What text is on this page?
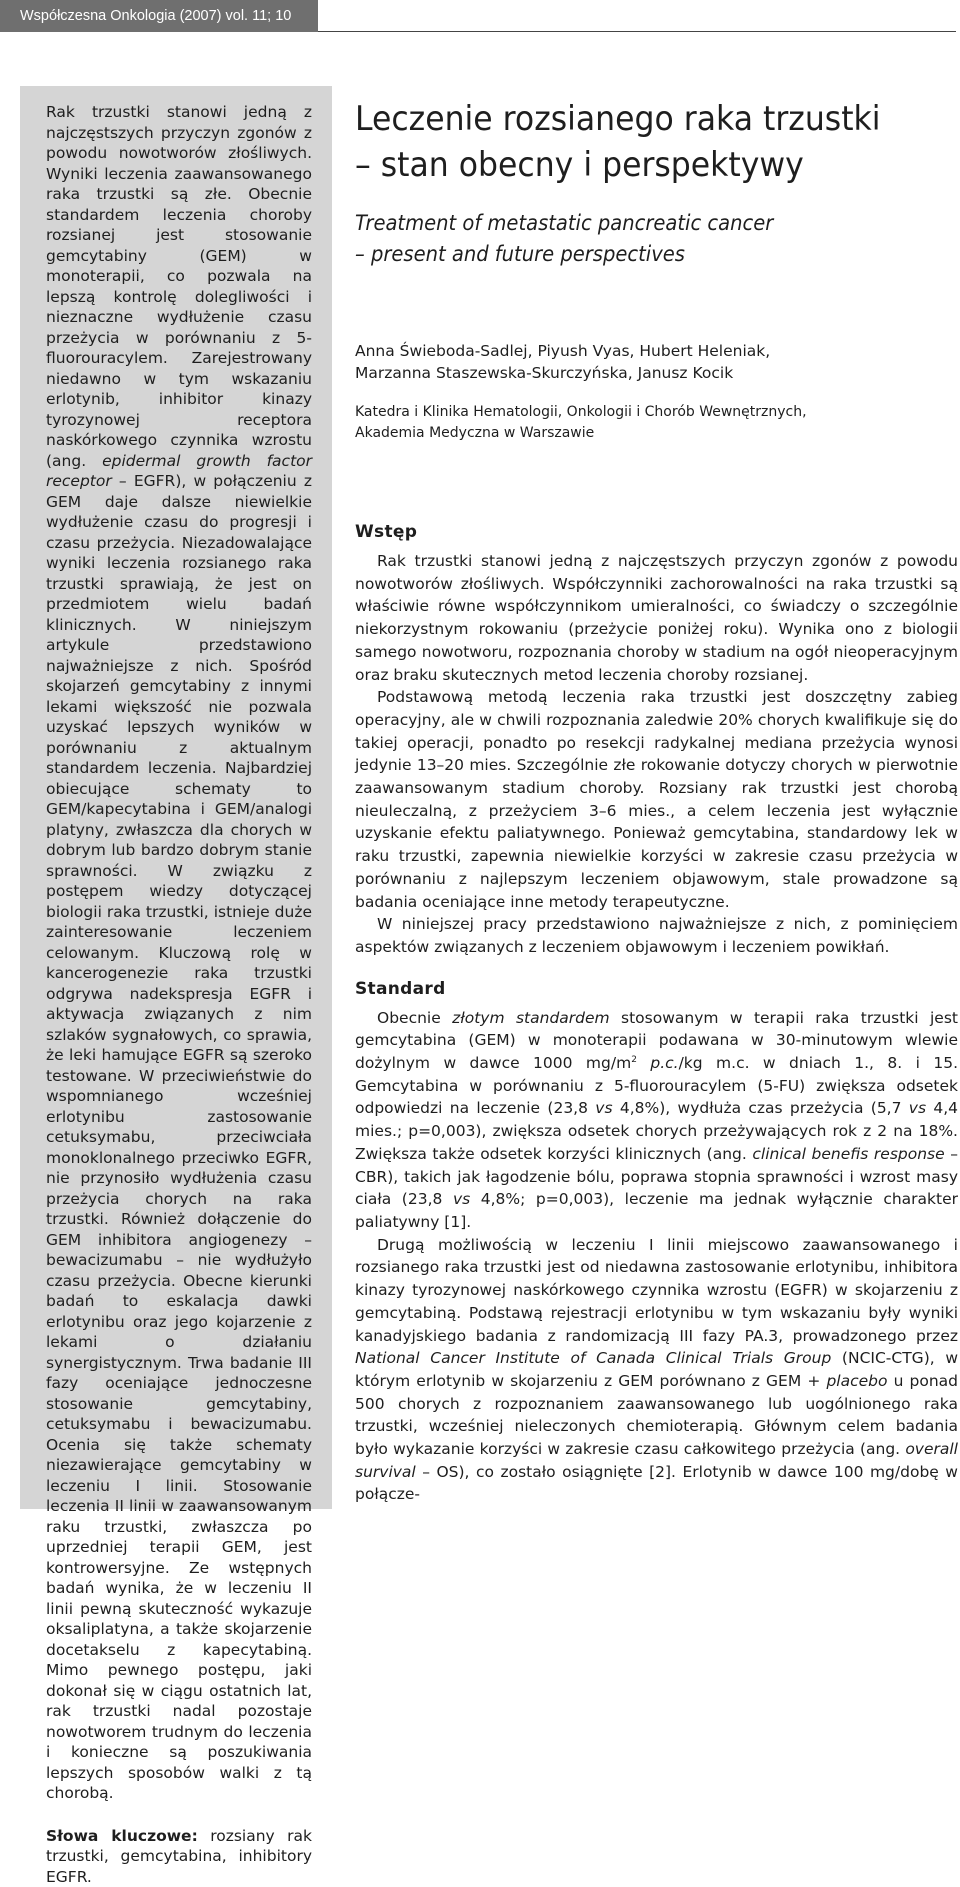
Współczesna Onkologia (2007) vol. 11; 10 (481–486)

Rak trzustki stanowi jedną z najczęstszych przyczyn zgonów z powodu nowotworów złośliwych. Wyniki leczenia zaawansowanego raka trzustki są złe. Obecnie standardem leczenia choroby rozsianej jest stosowanie gemcytabiny (GEM) w monoterapii, co pozwala na lepszą kontrolę dolegliwości i nieznaczne wydłużenie czasu przeżycia w porównaniu z 5-fluorouracylem. Zarejestrowany niedawno w tym wskazaniu erlotynib, inhibitor kinazy tyrozynowej receptora naskórkowego czynnika wzrostu (ang. epidermal growth factor receptor – EGFR), w połączeniu z GEM daje dalsze niewielkie wydłużenie czasu do progresji i czasu przeżycia. Niezadowalające wyniki leczenia rozsianego raka trzustki sprawiają, że jest on przedmiotem wielu badań klinicznych. W niniejszym artykule przedstawiono najważniejsze z nich. Spośród skojarzeń gemcytabiny z innymi lekami większość nie pozwala uzyskać lepszych wyników w porównaniu z aktualnym standardem leczenia. Najbardziej obiecujące schematy to GEM/kapecytabina i GEM/analogi platyny, zwłaszcza dla chorych w dobrym lub bardzo dobrym stanie sprawności. W związku z postępem wiedzy dotyczącej biologii raka trzustki, istnieje duże zainteresowanie leczeniem celowanym. Kluczową rolę w kancerogenezie raka trzustki odgrywa nadekspresja EGFR i aktywacja związanych z nim szlaków sygnałowych, co sprawia, że leki hamujące EGFR są szeroko testowane. W przeciwieństwie do wspomnianego wcześniej erlotynibu zastosowanie cetuksymabu, przeciwciała monoklonalnego przeciwko EGFR, nie przynosiło wydłużenia czasu przeżycia chorych na raka trzustki. Również dołączenie do GEM inhibitora angiogenezy – bewacizumabu – nie wydłużyło czasu przeżycia. Obecne kierunki badań to eskalacja dawki erlotynibu oraz jego kojarzenie z lekami o działaniu synergistycznym. Trwa badanie III fazy oceniające jednoczesne stosowanie gemcytabiny, cetuksymabu i bewacizumabu. Ocenia się także schematy niezawierające gemcytabiny w leczeniu I linii. Stosowanie leczenia II linii w zaawansowanym raku trzustki, zwłaszcza po uprzedniej terapii GEM, jest kontrowersyjne. Ze wstępnych badań wynika, że w leczeniu II linii pewną skuteczność wykazuje oksaliplatyna, a także skojarzenie docetakselu z kapecytabiną. Mimo pewnego postępu, jaki dokonał się w ciągu ostatnich lat, rak trzustki nadal pozostaje nowotworem trudnym do leczenia i konieczne są poszukiwania lepszych sposobów walki z tą chorobą.

Słowa kluczowe: rozsiany rak trzustki, gemcytabina, inhibitory EGFR.

Leczenie rozsianego raka trzustki
– stan obecny i perspektywy
Treatment of metastatic pancreatic cancer
– present and future perspectives
Anna Świeboda-Sadlej, Piyush Vyas, Hubert Heleniak,
Marzanna Staszewska-Skurczyńska, Janusz Kocik
Katedra i Klinika Hematologii, Onkologii i Chorób Wewnętrznych,
Akademia Medyczna w Warszawie
Wstęp

Rak trzustki stanowi jedną z najczęstszych przyczyn zgonów z powodu nowotworów złośliwych. Współczynniki zachorowalności na raka trzustki są właściwie równe współczynnikom umieralności, co świadczy o szczególnie niekorzystnym rokowaniu (przeżycie poniżej roku). Wynika ono z biologii samego nowotworu, rozpoznania choroby w stadium na ogół nieoperacyjnym oraz braku skutecznych metod leczenia choroby rozsianej.

Podstawową metodą leczenia raka trzustki jest doszczętny zabieg operacyjny, ale w chwili rozpoznania zaledwie 20% chorych kwalifikuje się do takiej operacji, ponadto po resekcji radykalnej mediana przeżycia wynosi jedynie 13–20 mies. Szczególnie złe rokowanie dotyczy chorych w pierwotnie zaawansowanym stadium choroby. Rozsiany rak trzustki jest chorobą nieuleczalną, z przeżyciem 3–6 mies., a celem leczenia jest wyłącznie uzyskanie efektu paliatywnego. Ponieważ gemcytabina, standardowy lek w raku trzustki, zapewnia niewielkie korzyści w zakresie czasu przeżycia w porównaniu z najlepszym leczeniem objawowym, stale prowadzone są badania oceniające inne metody terapeutyczne.

W niniejszej pracy przedstawiono najważniejsze z nich, z pominięciem aspektów związanych z leczeniem objawowym i leczeniem powikłań.

Standard

Obecnie złotym standardem stosowanym w terapii raka trzustki jest gemcytabina (GEM) w monoterapii podawana w 30-minutowym wlewie dożylnym w dawce 1000 $mg/m^2$ p.c./kg m.c. w dniach 1., 8. i 15. Gemcytabina w porównaniu z 5-fluorouracylem (5-FU) zwiększa odsetek odpowiedzi na leczenie (23,8 vs 4,8%), wydłuża czas przeżycia (5,7 vs 4,4 mies.; p=0,003), zwiększa odsetek chorych przeżywających rok z 2 na 18%. Zwiększa także odsetek korzyści klinicznych (ang. clinical benefis response – CBR), takich jak łagodzenie bólu, poprawa stopnia sprawności i wzrost masy ciała (23,8 vs 4,8%; p=0,003), leczenie ma jednak wyłącznie charakter paliatywny [1].

Drugą możliwością w leczeniu I linii miejscowo zaawansowanego i rozsianego raka trzustki jest od niedawna zastosowanie erlotynibu, inhibitora kinazy tyrozynowej naskórkowego czynnika wzrostu (EGFR) w skojarzeniu z gemcytabiną. Podstawą rejestracji erlotynibu w tym wskazaniu były wyniki kanadyjskiego badania z randomizacją III fazy PA.3, prowadzonego przez National Cancer Institute of Canada Clinical Trials Group (NCIC-CTG), w którym erlotynib w skojarzeniu z GEM porównano z GEM + placebo u ponad 500 chorych z rozpoznaniem zaawansowanego lub uogólnionego raka trzustki, wcześniej nieleczonych chemioterapią. Głównym celem badania było wykazanie korzyści w zakresie czasu całkowitego przeżycia (ang. overall survival – OS), co zostało osiągnięte [2]. Erlotynib w dawce 100 mg/dobę w połącze-
